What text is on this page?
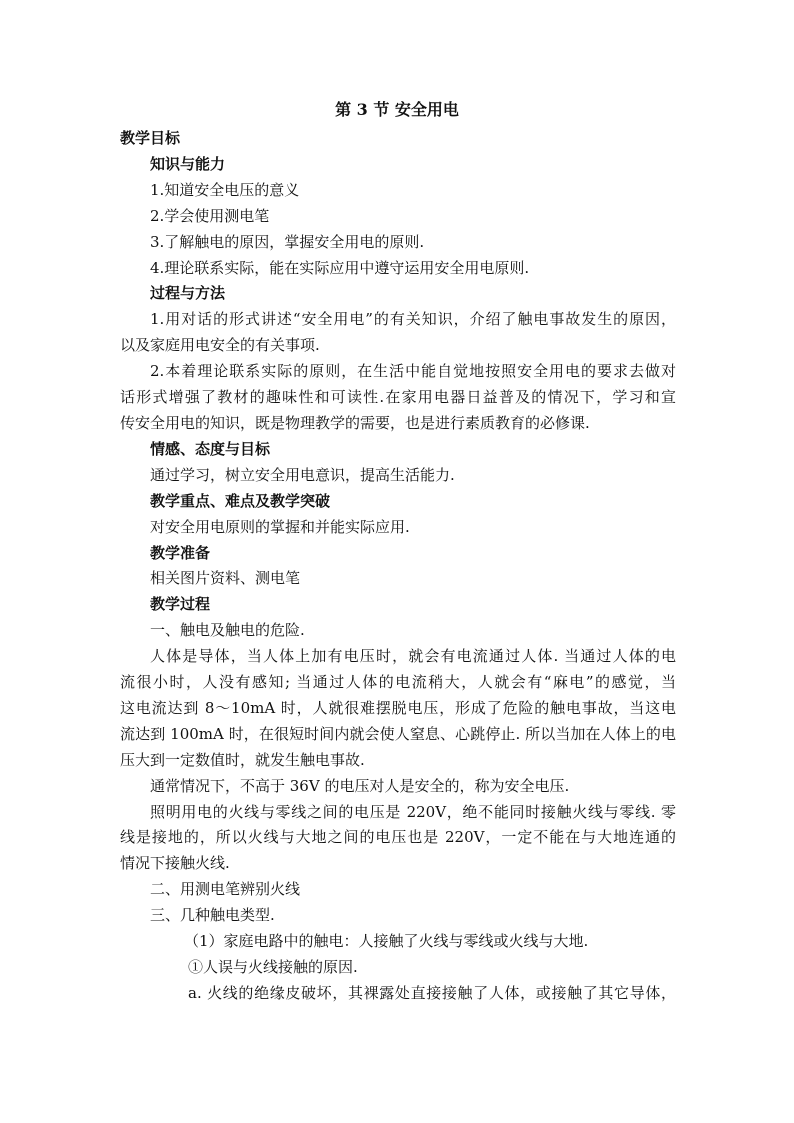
第 3 节 安全用电
教学目标
知识与能力
1.知道安全电压的意义
2.学会使用测电笔
3.了解触电的原因，掌握安全用电的原则.
4.理论联系实际，能在实际应用中遵守运用安全用电原则.
过程与方法
1.用对话的形式讲述“安全用电”的有关知识，介绍了触电事故发生的原因，
以及家庭用电安全的有关事项.
2.本着理论联系实际的原则，在生活中能自觉地按照安全用电的要求去做对
话形式增强了教材的趣味性和可读性.在家用电器日益普及的情况下，学习和宣
传安全用电的知识，既是物理教学的需要，也是进行素质教育的必修课.
情感、态度与目标
通过学习，树立安全用电意识，提高生活能力.
教学重点、难点及教学突破
对安全用电原则的掌握和并能实际应用.
教学准备
相关图片资料、测电笔
教学过程
一、触电及触电的危险.
人体是导体，当人体上加有电压时，就会有电流通过人体. 当通过人体的电
流很小时，人没有感知; 当通过人体的电流稍大，人就会有“麻电”的感觉，当
这电流达到 8～10mA 时，人就很难摆脱电压，形成了危险的触电事故，当这电
流达到 100mA 时，在很短时间内就会使人窒息、心跳停止. 所以当加在人体上的电
压大到一定数值时，就发生触电事故.
通常情况下，不高于 36V 的电压对人是安全的，称为安全电压.
照明用电的火线与零线之间的电压是 220V，绝不能同时接触火线与零线. 零
线是接地的，所以火线与大地之间的电压也是 220V，一定不能在与大地连通的
情况下接触火线.
二、用测电笔辨别火线
三、几种触电类型.
（1）家庭电路中的触电：人接触了火线与零线或火线与大地.
①人误与火线接触的原因.
a. 火线的绝缘皮破坏，其裸露处直接接触了人体，或接触了其它导体，
